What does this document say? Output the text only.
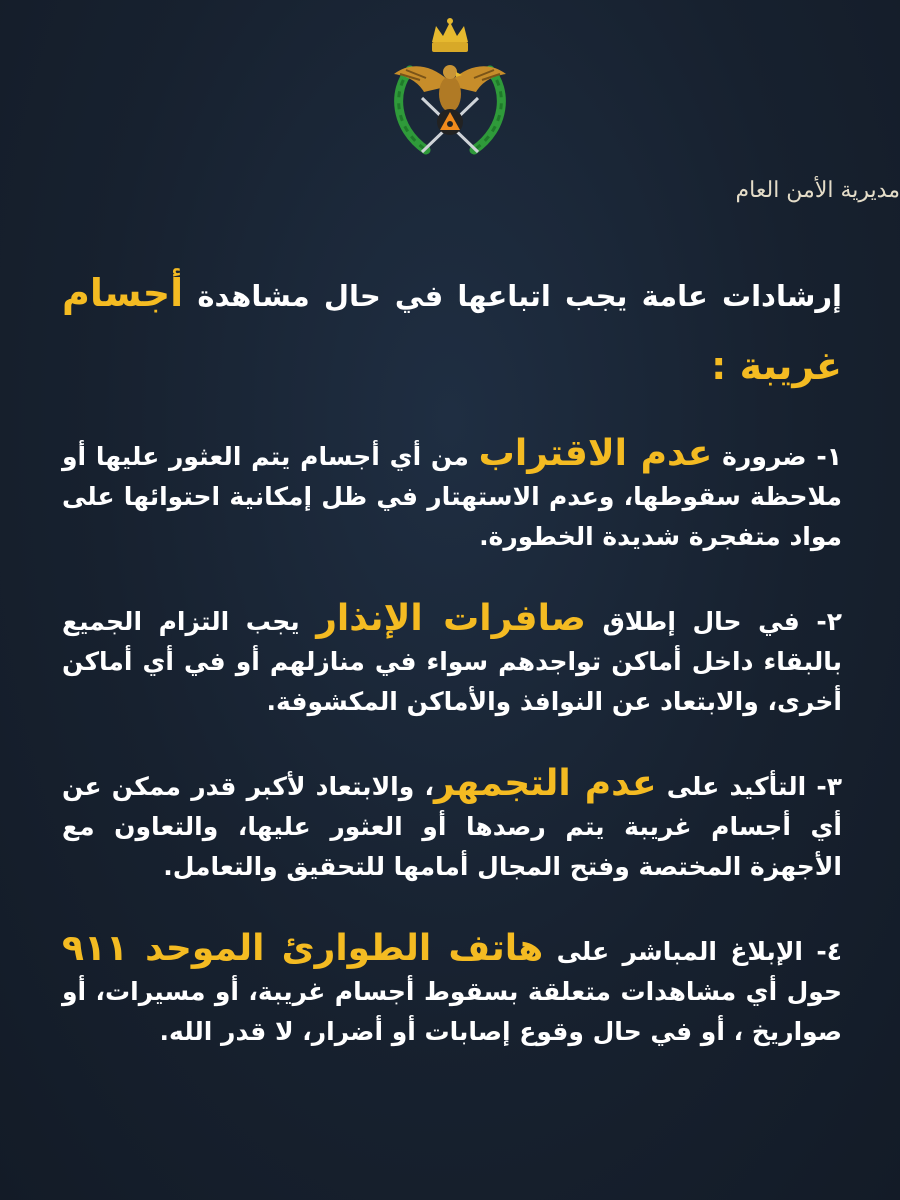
مديرية الأمن العام

إرشادات عامة يجب اتباعها في حال مشاهدة أجسام غريبة :

١- ضرورة عدم الاقتراب من أي أجسام يتم العثور عليها أو ملاحظة سقوطها، وعدم الاستهتار في ظل إمكانية احتوائها على مواد متفجرة شديدة الخطورة.

٢- في حال إطلاق صافرات الإنذار يجب التزام الجميع بالبقاء داخل أماكن تواجدهم سواء في منازلهم أو في أي أماكن أخرى، والابتعاد عن النوافذ والأماكن المكشوفة.

٣- التأكيد على عدم التجمهر، والابتعاد لأكبر قدر ممكن عن أي أجسام غريبة يتم رصدها أو العثور عليها، والتعاون مع الأجهزة المختصة وفتح المجال أمامها للتحقيق والتعامل.

٤- الإبلاغ المباشر على هاتف الطوارئ الموحد ٩١١ حول أي مشاهدات متعلقة بسقوط أجسام غريبة، أو مسيرات، أو صواريخ ، أو في حال وقوع إصابات أو أضرار، لا قدر الله.
